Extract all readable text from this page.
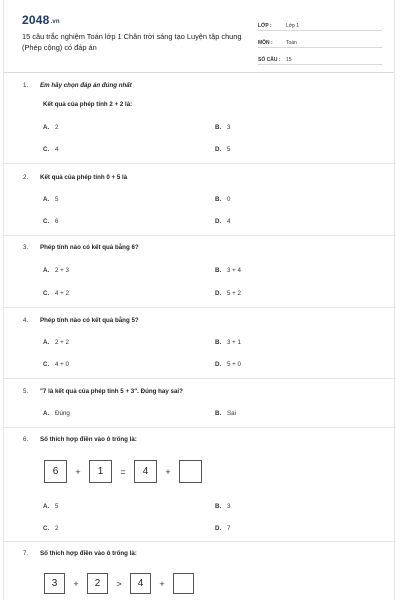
2048.vn
15 câu trắc nghiệm Toán lớp 1 Chân trời sáng tạo Luyện tập chung (Phép cộng) có đáp án
LỚP :	Lớp 1
MÔN :	Toán
SỐ CÂU :	15
1. Em hãy chọn đáp án đúng nhất
Kết quả của phép tính 2 + 2 là:
A. 2	B. 3
C. 4	D. 5
2. Kết quả của phép tính 0 + 5 là
A. 5	B. 0
C. 6	D. 4
3. Phép tính nào có kết quả bằng 6?
A. 2 + 3	B. 3 + 4
C. 4 + 2	D. 5 + 2
4. Phép tính nào có kết quả bằng 5?
A. 2 + 2	B. 3 + 1
C. 4 + 0	D. 5 + 0
5. "7 là kết quả của phép tính 5 + 3". Đúng hay sai?
A. Đúng	B. Sai
6. Số thích hợp điền vào ô trống là:
6	+	1	=	4	+
A. 5	B. 3
C. 2	D. 7
7. Số thích hợp điền vào ô trống là:
3	+	2	>	4	+
